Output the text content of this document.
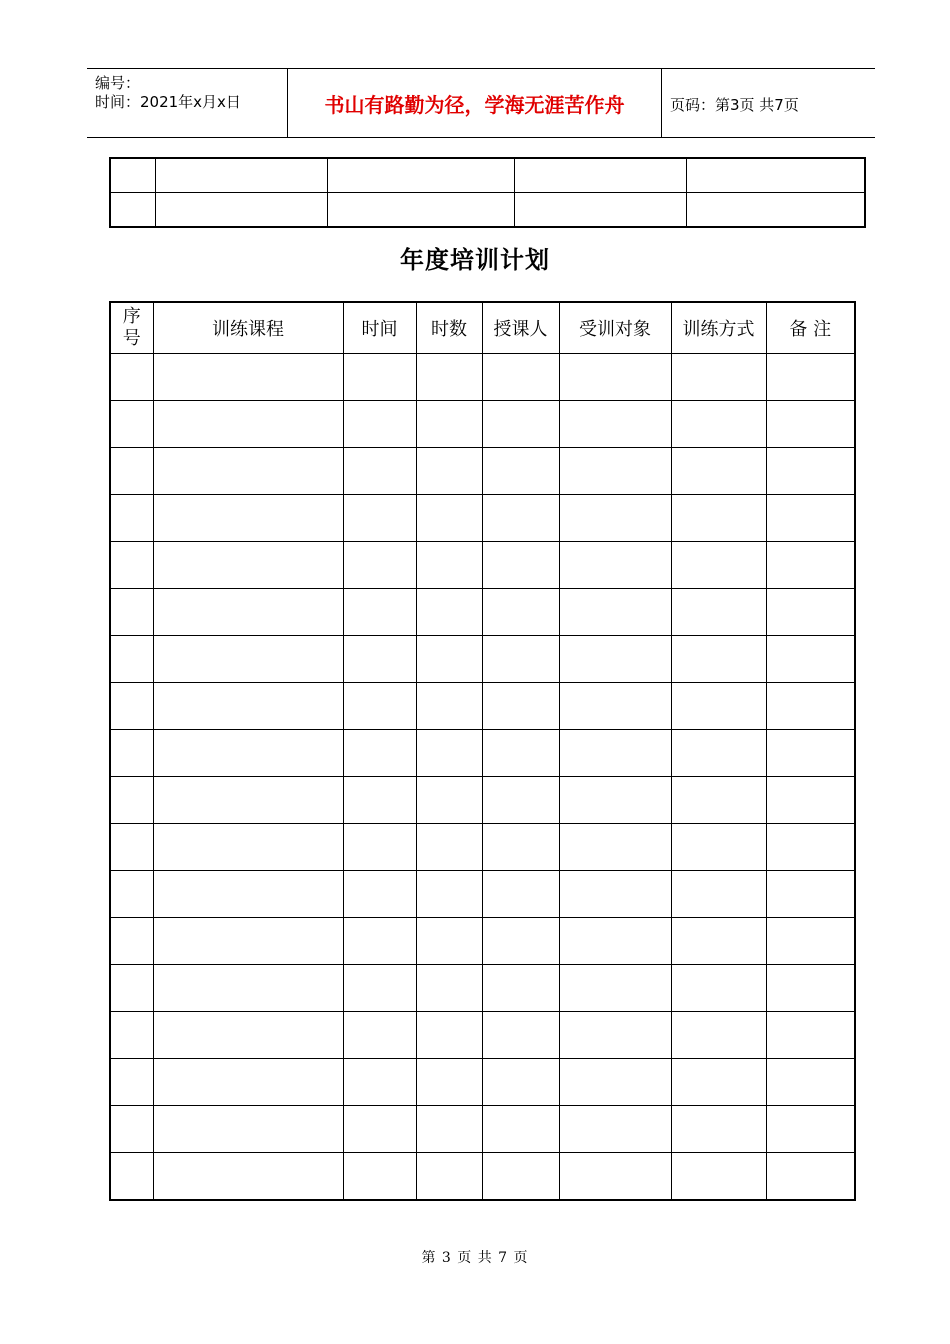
编号：
时间：2021年x月x日	书山有路勤为径，学海无涯苦作舟	页码：第3页 共7页

年度培训计划
序
号	训练课程	时间	时数	授课人	受训对象	训练方式	备 注

第 3 页 共 7 页
